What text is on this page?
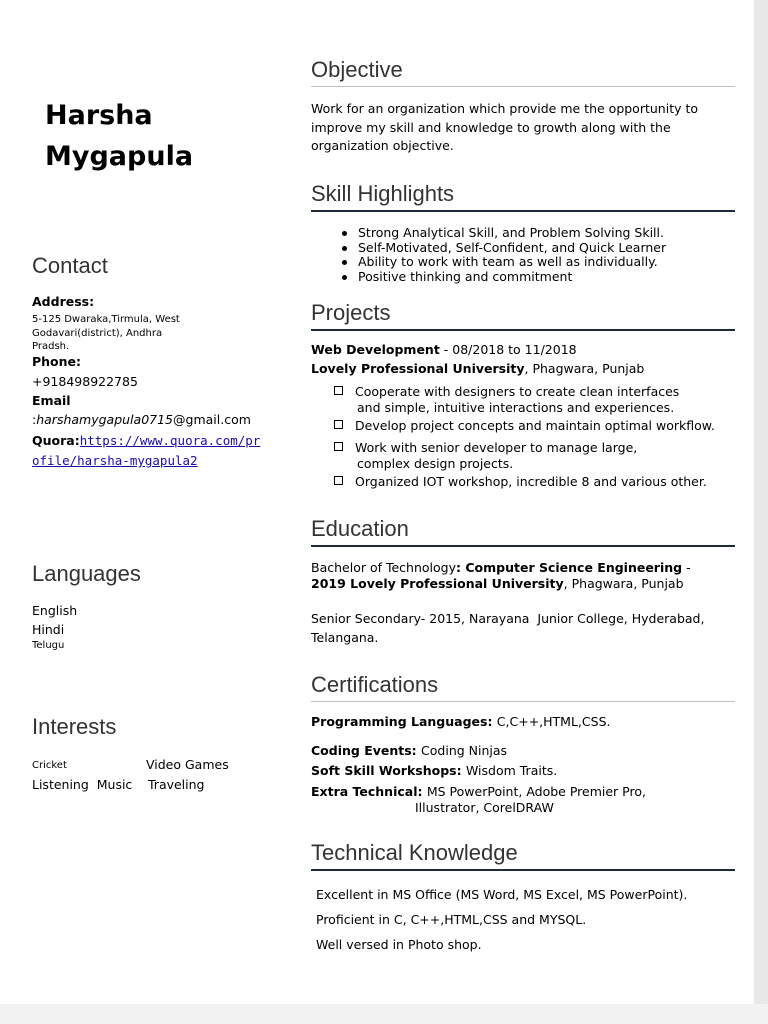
Harsha
Mygapula
Contact
Address:
5-125 Dwaraka,Tirmula, West
Godavari(district), Andhra
Pradsh.
Phone:
+918498922785
Email
:harshamygapula0715@gmail.com
Quora:https://www.quora.com/pr
ofile/harsha-mygapula2
Languages
English
Hindi
Telugu
Interests
Cricket	Video Games
Listening  Music Traveling
Objective
Work for an organization which provide me the opportunity to
improve my skill and knowledge to growth along with the
organization objective.
Skill Highlights
Strong Analytical Skill, and Problem Solving Skill.
Self-Motivated, Self-Confident, and Quick Learner
Ability to work with team as well as individually.
Positive thinking and commitment
Projects
Web Development - 08/2018 to 11/2018
Lovely Professional University, Phagwara, Punjab
Cooperate with designers to create clean interfaces
and simple, intuitive interactions and experiences.
Develop project concepts and maintain optimal workflow.
Work with senior developer to manage large,
complex design projects.
Organized IOT workshop, incredible 8 and various other.
Education
Bachelor of Technology: Computer Science Engineering -
2019 Lovely Professional University, Phagwara, Punjab
Senior Secondary- 2015, Narayana  Junior College, Hyderabad,
Telangana.
Certifications
Programming Languages: C,C++,HTML,CSS.
Coding Events: Coding Ninjas
Soft Skill Workshops: Wisdom Traits.
Extra Technical: MS PowerPoint, Adobe Premier Pro,
Illustrator, CorelDRAW
Technical Knowledge
Excellent in MS Office (MS Word, MS Excel, MS PowerPoint).
Proficient in C, C++,HTML,CSS and MYSQL.
Well versed in Photo shop.
